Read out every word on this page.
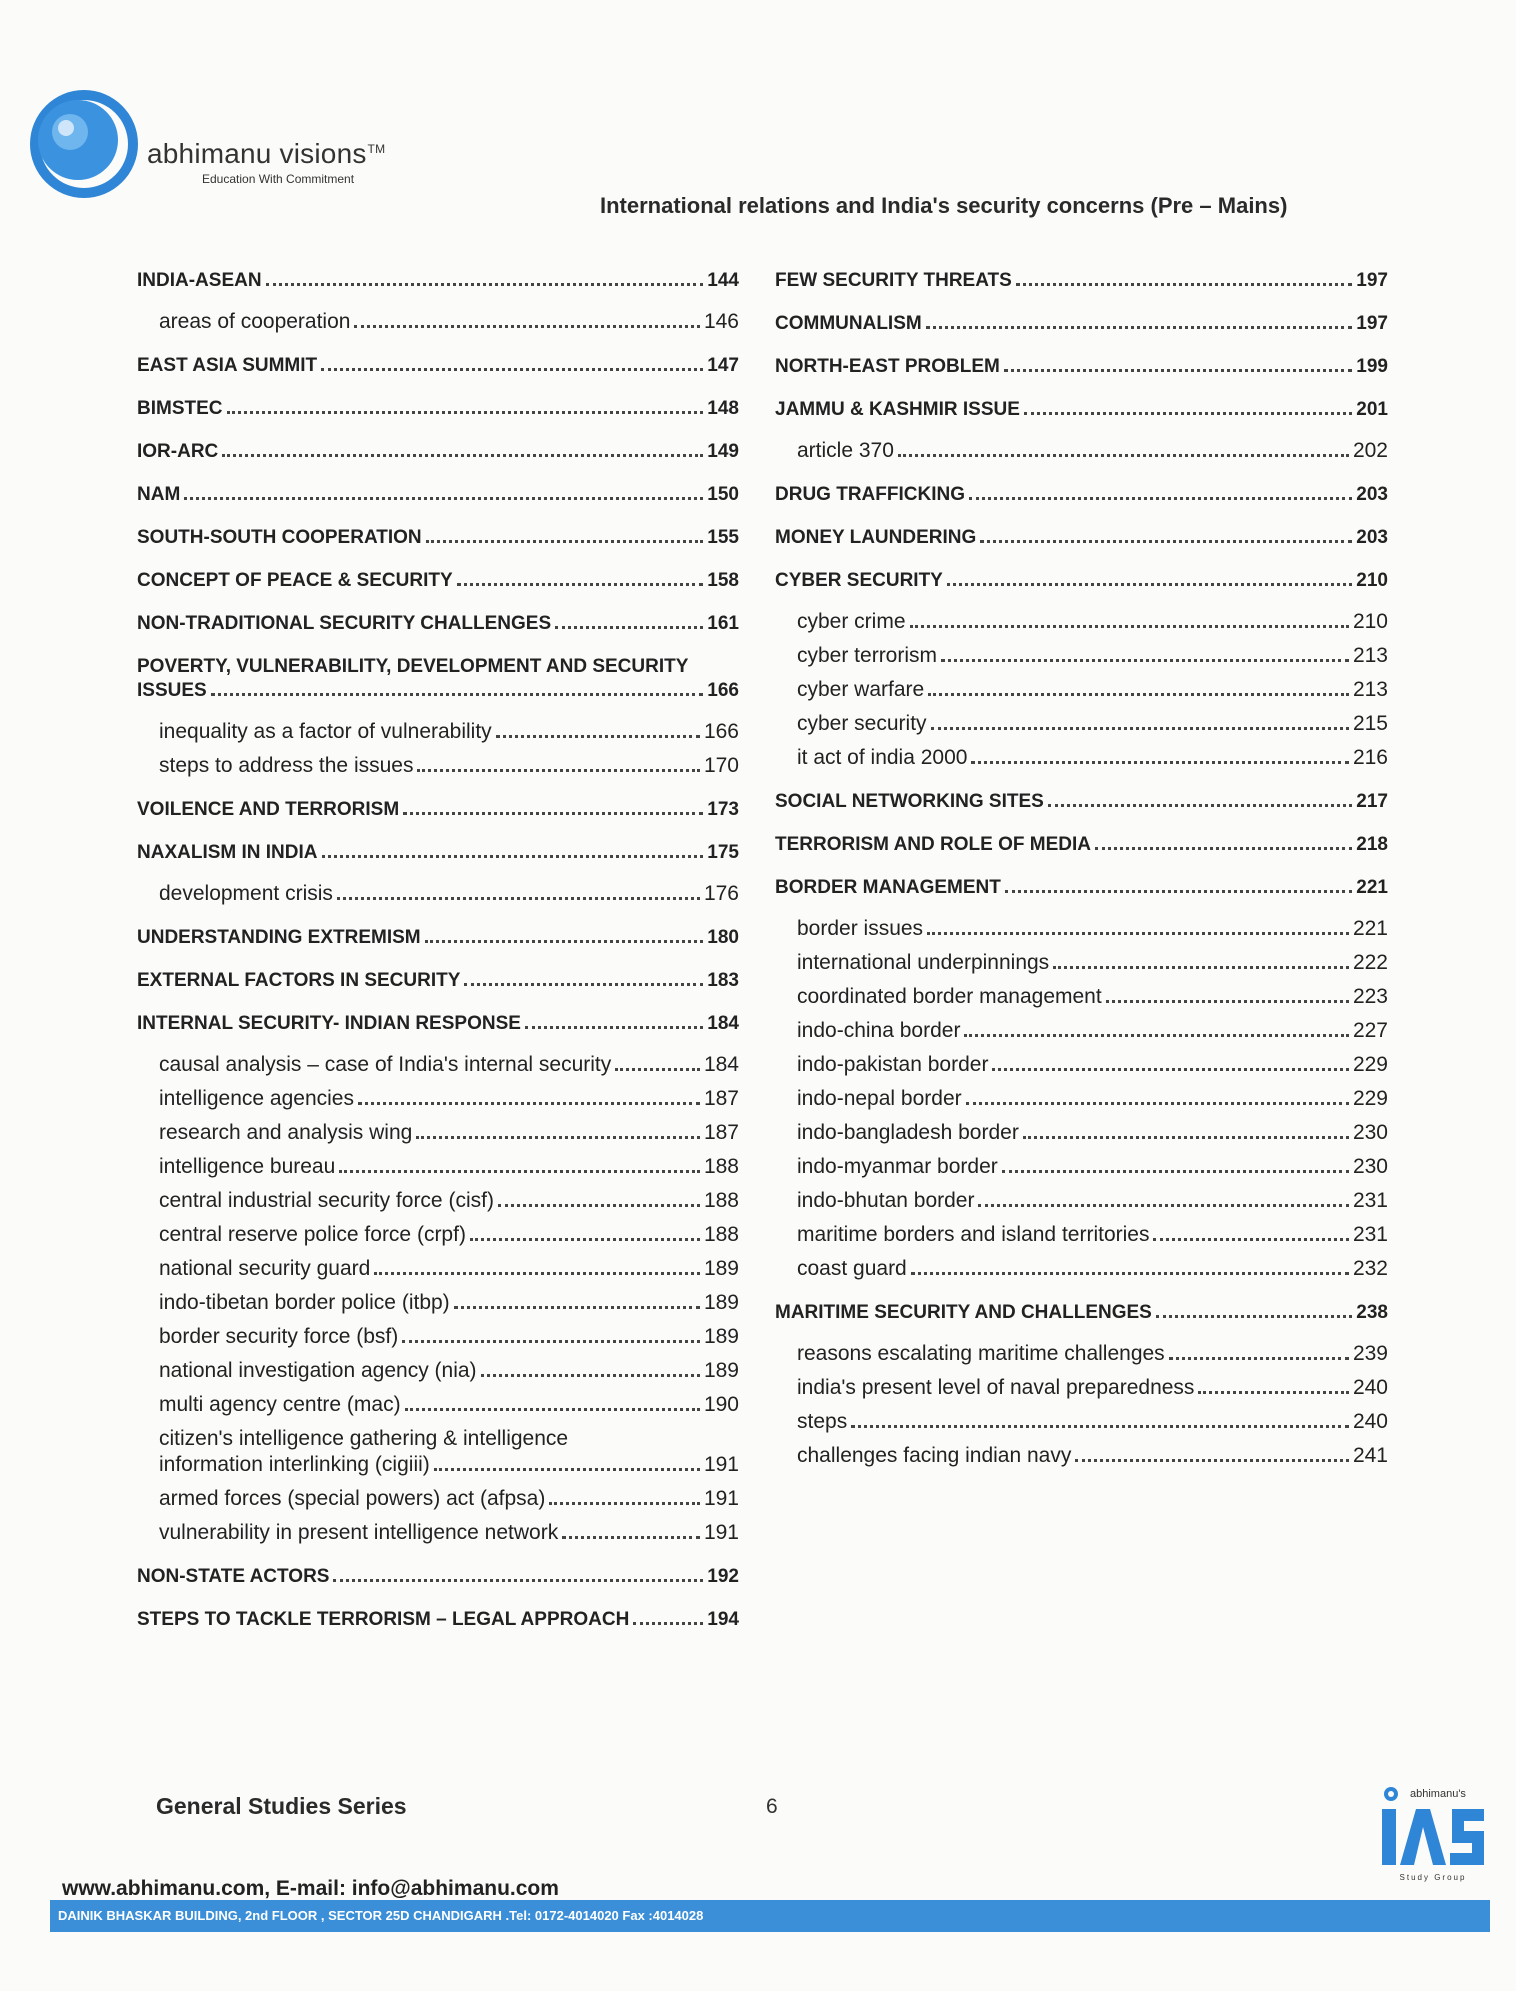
abhimanu visions™
Education With Commitment
International relations and India's security concerns (Pre – Mains)
INDIA-ASEAN	144
areas of cooperation	146
EAST ASIA SUMMIT	147
BIMSTEC	148
IOR-ARC	149
NAM	150
SOUTH-SOUTH COOPERATION	155
CONCEPT OF PEACE & SECURITY	158
NON-TRADITIONAL SECURITY CHALLENGES	161
POVERTY, VULNERABILITY, DEVELOPMENT AND SECURITY
ISSUES	166
inequality as a factor of vulnerability	166
steps to address the issues	170
VOILENCE AND TERRORISM	173
NAXALISM IN INDIA	175
development crisis	176
UNDERSTANDING EXTREMISM	180
EXTERNAL FACTORS IN SECURITY	183
INTERNAL SECURITY- INDIAN RESPONSE	184
causal analysis – case of India's internal security	184
intelligence agencies	187
research and analysis wing	187
intelligence bureau	188
central industrial security force (cisf)	188
central reserve police force (crpf)	188
national security guard	189
indo-tibetan border police (itbp)	189
border security force (bsf)	189
national investigation agency (nia)	189
multi agency centre (mac)	190
citizen's intelligence gathering & intelligence
information interlinking (cigiii)	191
armed forces (special powers) act (afpsa)	191
vulnerability in present intelligence network	191
NON-STATE ACTORS	192
STEPS TO TACKLE TERRORISM – LEGAL APPROACH	194
FEW SECURITY THREATS	197
COMMUNALISM	197
NORTH-EAST PROBLEM	199
JAMMU & KASHMIR ISSUE	201
article 370	202
DRUG TRAFFICKING	203
MONEY LAUNDERING	203
CYBER SECURITY	210
cyber crime	210
cyber terrorism	213
cyber warfare	213
cyber security	215
it act of india 2000	216
SOCIAL NETWORKING SITES	217
TERRORISM AND ROLE OF MEDIA	218
BORDER MANAGEMENT	221
border issues	221
international underpinnings	222
coordinated border management	223
indo-china border	227
indo-pakistan border	229
indo-nepal border	229
indo-bangladesh border	230
indo-myanmar border	230
indo-bhutan border	231
maritime borders and island territories	231
coast guard	232
MARITIME SECURITY AND CHALLENGES	238
reasons escalating maritime challenges	239
india's present level of naval preparedness	240
steps	240
challenges facing indian navy	241
General Studies Series	6
abhimanu's
Study Group
www.abhimanu.com, E-mail: info@abhimanu.com
DAINIK BHASKAR BUILDING, 2nd FLOOR , SECTOR 25D CHANDIGARH .Tel: 0172-4014020 Fax :4014028
